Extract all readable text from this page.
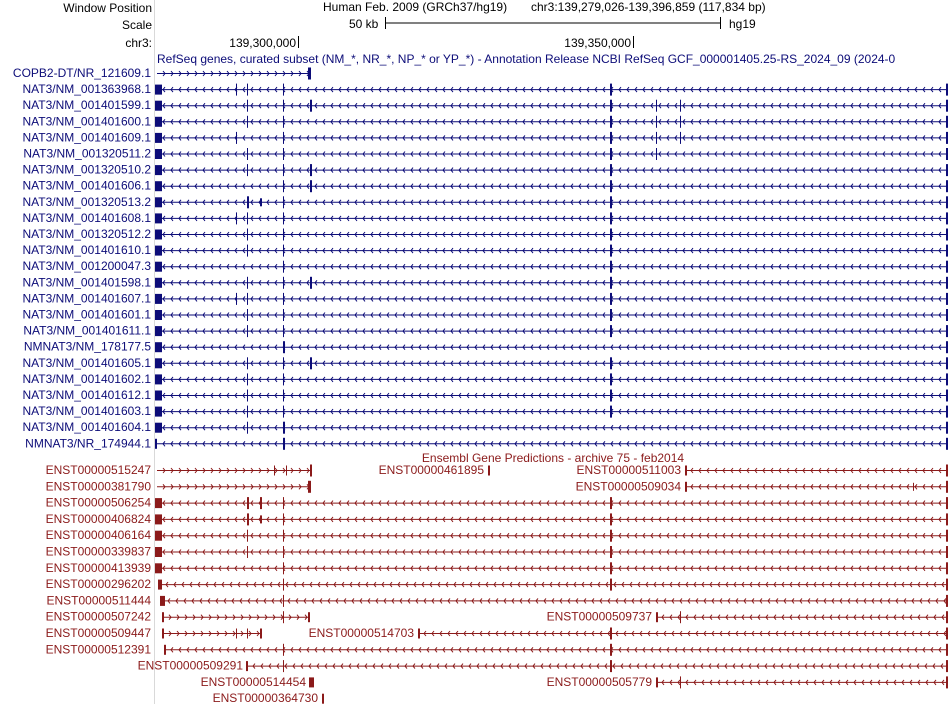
Window Position
Scale
chr3:
Human Feb. 2009 (GRCh37/hg19) chr3:139,279,026-139,396,859 (117,834 bp)
50 kb	hg19
139,300,000	139,350,000
RefSeq genes, curated subset (NM_*, NR_*, NP_* or YP_*) - Annotation Release NCBI RefSeq GCF_000001405.25-RS_2024_09 (2024-0
COPB2-DT/NR_121609.1
NAT3/NM_001363968.1
NAT3/NM_001401599.1
NAT3/NM_001401600.1
NAT3/NM_001401609.1
NAT3/NM_001320511.2
NAT3/NM_001320510.2
NAT3/NM_001401606.1
NAT3/NM_001320513.2
NAT3/NM_001401608.1
NAT3/NM_001320512.2
NAT3/NM_001401610.1
NAT3/NM_001200047.3
NAT3/NM_001401598.1
NAT3/NM_001401607.1
NAT3/NM_001401601.1
NAT3/NM_001401611.1
NMNAT3/NM_178177.5
NAT3/NM_001401605.1
NAT3/NM_001401602.1
NAT3/NM_001401612.1
NAT3/NM_001401603.1
NAT3/NM_001401604.1
NMNAT3/NR_174944.1
Ensembl Gene Predictions - archive 75 - feb2014
ENST00000515247	ENST00000461895	ENST00000511003
ENST00000381790	ENST00000509034
ENST00000506254
ENST00000406824
ENST00000406164
ENST00000339837
ENST00000413939
ENST00000296202
ENST00000511444
ENST00000507242	ENST00000509737
ENST00000509447	ENST00000514703
ENST00000512391
ENST00000509291
ENST00000514454	ENST00000505779
ENST00000364730
